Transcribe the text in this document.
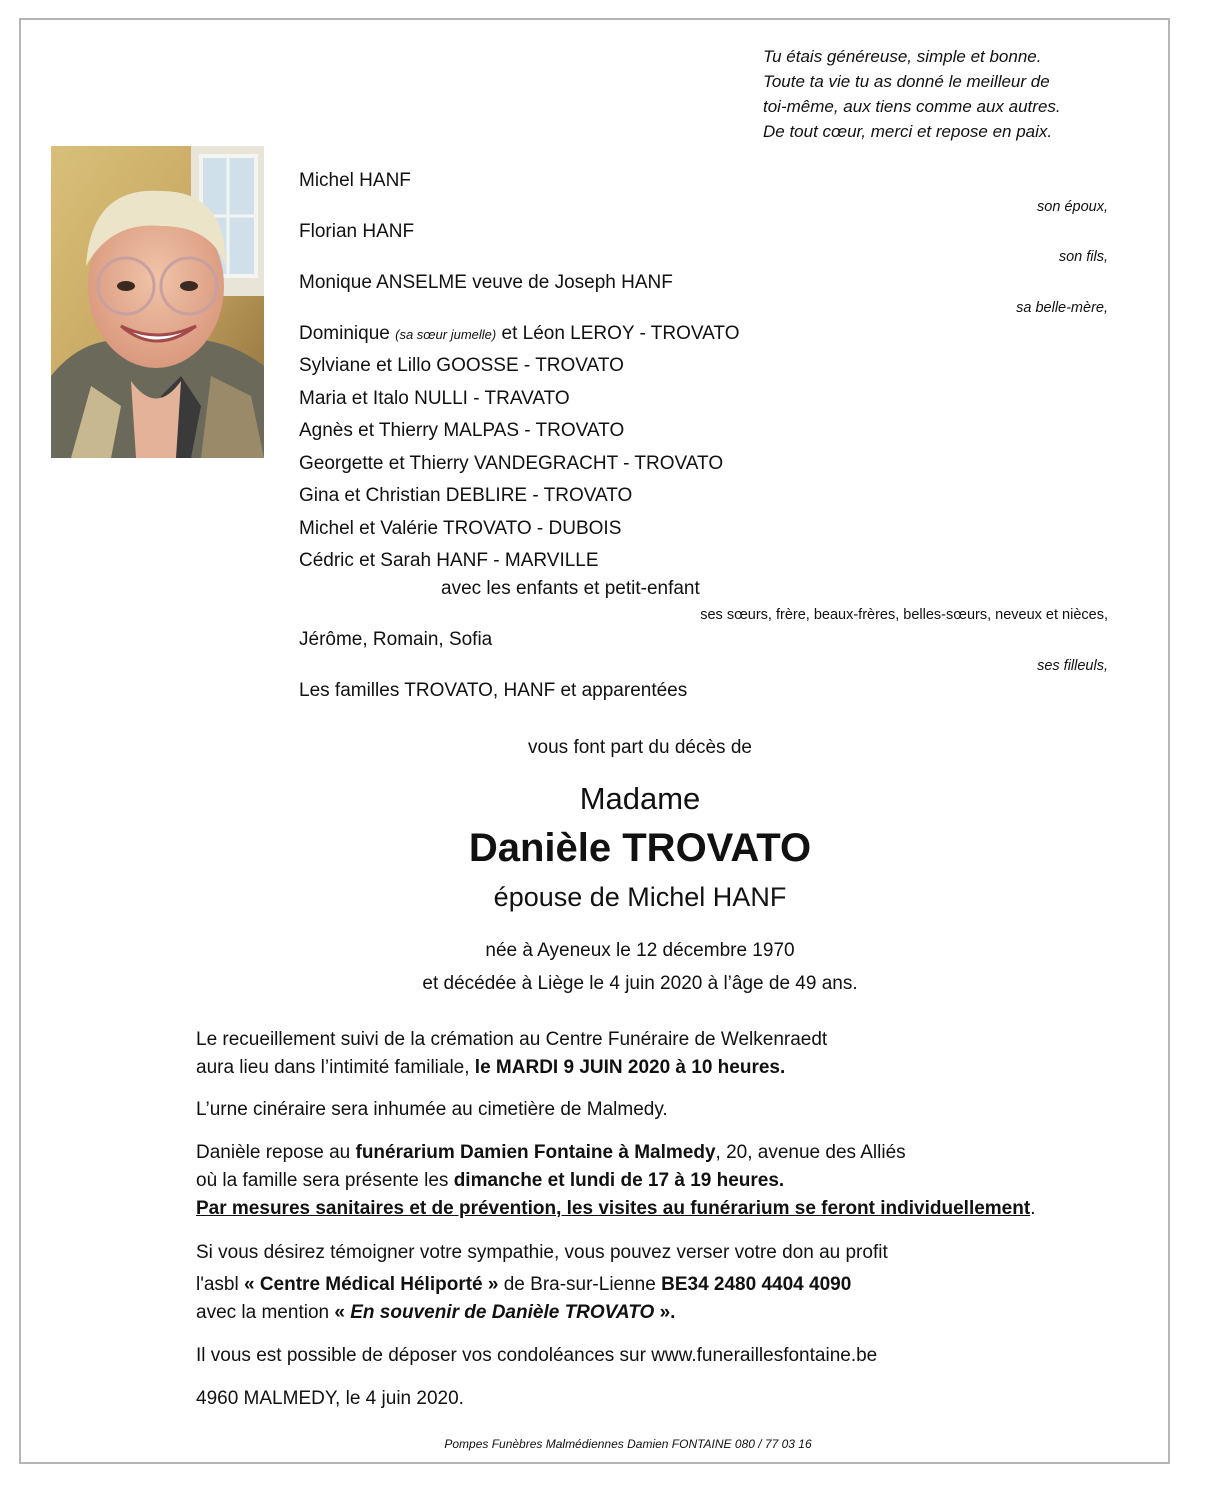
Tu étais généreuse, simple et bonne.
Toute ta vie tu as donné le meilleur de
toi-même, aux tiens comme aux autres.
De tout cœur, merci et repose en paix.
Michel HANF
son époux,
Florian HANF
son fils,
Monique ANSELME veuve de Joseph HANF
sa belle-mère,
Dominique (sa sœur jumelle) et Léon LEROY - TROVATO
Sylviane et Lillo GOOSSE - TROVATO
Maria et Italo NULLI - TRAVATO
Agnès et Thierry MALPAS - TROVATO
Georgette et Thierry VANDEGRACHT - TROVATO
Gina et Christian DEBLIRE - TROVATO
Michel et Valérie TROVATO - DUBOIS
Cédric et Sarah HANF - MARVILLE
avec les enfants et petit-enfant
ses sœurs, frère, beaux-frères, belles-sœurs, neveux et nièces,
Jérôme, Romain, Sofia
ses filleuls,
Les familles TROVATO, HANF et apparentées
vous font part du décès de
Madame
Danièle TROVATO
épouse de Michel HANF
née à Ayeneux le 12 décembre 1970
et décédée à Liège le 4 juin 2020 à l’âge de 49 ans.
Le recueillement suivi de la crémation au Centre Funéraire de Welkenraedt
aura lieu dans l’intimité familiale, le MARDI 9 JUIN 2020 à 10 heures.
L’urne cinéraire sera inhumée au cimetière de Malmedy.
Danièle repose au funérarium Damien Fontaine à Malmedy, 20, avenue des Alliés
où la famille sera présente les dimanche et lundi de 17 à 19 heures.
Par mesures sanitaires et de prévention, les visites au funérarium se feront individuellement.
Si vous désirez témoigner votre sympathie, vous pouvez verser votre don au profit
l'asbl « Centre Médical Héliporté » de Bra-sur-Lienne BE34 2480 4404 4090
avec la mention « En souvenir de Danièle TROVATO ».
Il vous est possible de déposer vos condoléances sur www.funeraillesfontaine.be
4960 MALMEDY, le 4 juin 2020.
Pompes Funèbres Malmédiennes Damien FONTAINE 080 / 77 03 16
